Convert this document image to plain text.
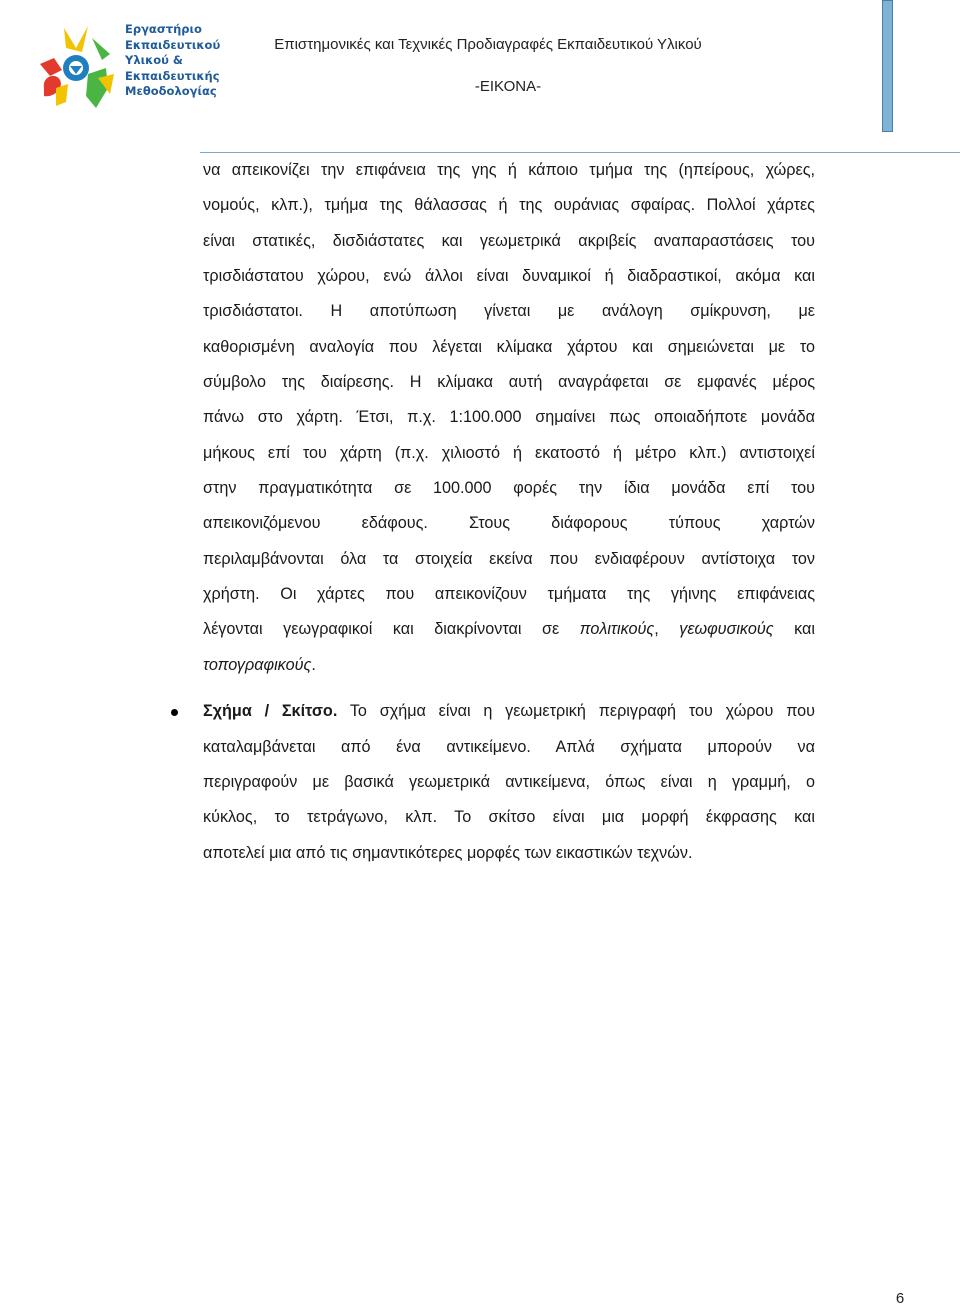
Εργαστήριο
Εκπαιδευτικού
Υλικού &
Εκπαιδευτικής
Μεθοδολογίας
Επιστημονικές και Τεχνικές Προδιαγραφές Εκπαιδευτικού Υλικού
-ΕΙΚΟΝΑ-

να απεικονίζει την επιφάνεια της γης ή κάποιο τμήμα της (ηπείρους, χώρες,
νομούς, κλπ.), τμήμα της θάλασσας ή της ουράνιας σφαίρας. Πολλοί χάρτες
είναι στατικές, δισδιάστατες και γεωμετρικά ακριβείς αναπαραστάσεις του
τρισδιάστατου χώρου, ενώ άλλοι είναι δυναμικοί ή διαδραστικοί, ακόμα και
τρισδιάστατοι. Η αποτύπωση γίνεται με ανάλογη σμίκρυνση, με
καθορισμένη αναλογία που λέγεται κλίμακα χάρτου και σημειώνεται με το
σύμβολο της διαίρεσης. Η κλίμακα αυτή αναγράφεται σε εμφανές μέρος
πάνω στο χάρτη. Έτσι, π.χ. 1:100.000 σημαίνει πως οποιαδήποτε μονάδα
μήκους επί του χάρτη (π.χ. χιλιοστό ή εκατοστό ή μέτρο κλπ.) αντιστοιχεί
στην πραγματικότητα σε 100.000 φορές την ίδια μονάδα επί του
απεικονιζόμενου εδάφους. Στους διάφορους τύπους χαρτών
περιλαμβάνονται όλα τα στοιχεία εκείνα που ενδιαφέρουν αντίστοιχα τον
χρήστη. Οι χάρτες που απεικονίζουν τμήματα της γήινης επιφάνειας
λέγονται γεωγραφικοί και διακρίνονται σε πολιτικούς, γεωφυσικούς και
τοπογραφικούς.

Σχήμα / Σκίτσο. Το σχήμα είναι η γεωμετρική περιγραφή του χώρου που
καταλαμβάνεται από ένα αντικείμενο. Απλά σχήματα μπορούν να
περιγραφούν με βασικά γεωμετρικά αντικείμενα, όπως είναι η γραμμή, ο
κύκλος, το τετράγωνο, κλπ. Το σκίτσο είναι μια μορφή έκφρασης και
αποτελεί μια από τις σημαντικότερες μορφές των εικαστικών τεχνών.

6
